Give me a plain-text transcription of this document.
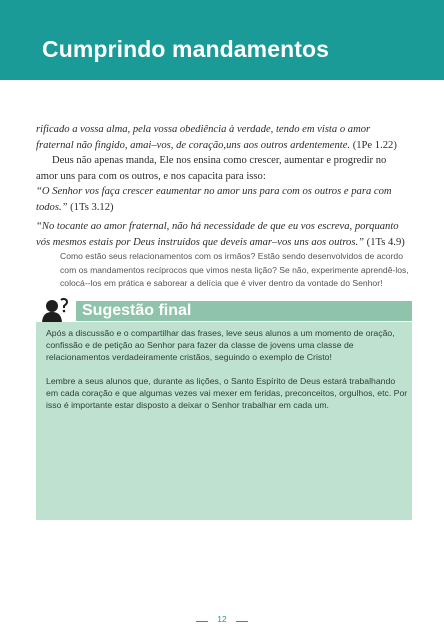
Cumprindo mandamentos

rificado a vossa alma, pela vossa obediência à verdade, tendo em vista o amor fraternal não fingido, amai–vos, de coração,uns aos outros ardentemente. (1Pe 1.22)

Deus não apenas manda, Ele nos ensina como crescer, aumentar e progredir no amor uns para com os outros, e nos capacita para isso:

“O Senhor vos faça crescer eaumentar no amor uns para com os outros e para com todos.” (1Ts 3.12)

“No tocante ao amor fraternal, não há necessidade de que eu vos escreva, porquanto vós mesmos estais por Deus instruídos que deveis amar–vos uns aos outros.” (1Ts 4.9)

Como estão seus relacionamentos com os irmãos? Estão sendo desenvolvidos de acordo com os mandamentos recíprocos que vimos nesta lição? Se não, experimente aprendê-los, colocá--los em prática e saborear a delícia que é viver dentro da vontade do Senhor!

Sugestão final

Após a discussão e o compartilhar das frases, leve seus alunos a um momento de oração, confissão e de petição ao Senhor para fazer da classe de jovens uma classe de relacionamentos verdadeiramente cristãos, seguindo o exemplo de Cristo!

Lembre a seus alunos que, durante as lições, o Santo Espírito de Deus estará trabalhando em cada coração e que algumas vezes vai mexer em feridas, preconceitos, orgulhos, etc. Por isso é importante estar disposto a deixar o Senhor trabalhar em cada um.

12
